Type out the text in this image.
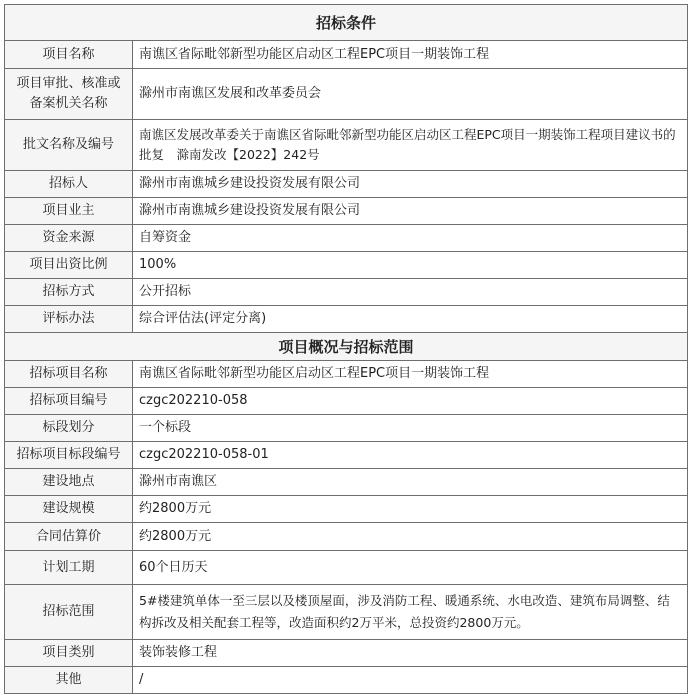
招标条件	
项目名称	南谯区省际毗邻新型功能区启动区工程EPC项目一期装饰工程
项目审批、核准或备案机关名称	滁州市南谯区发展和改革委员会
批文名称及编号	南谯区发展改革委关于南谯区省际毗邻新型功能区启动区工程EPC项目一期装饰工程项目建议书的批复　滁南发改【2022】242号
招标人	滁州市南谯城乡建设投资发展有限公司
项目业主	滁州市南谯城乡建设投资发展有限公司
资金来源	自筹资金
项目出资比例	100%
招标方式	公开招标
评标办法	综合评估法(评定分离)
项目概况与招标范围	
招标项目名称	南谯区省际毗邻新型功能区启动区工程EPC项目一期装饰工程
招标项目编号	czgc202210-058
标段划分	一个标段
招标项目标段编号	czgc202210-058-01
建设地点	滁州市南谯区
建设规模	约2800万元
合同估算价	约2800万元
计划工期	60个日历天
招标范围	5#楼建筑单体一至三层以及楼顶屋面，涉及消防工程、暖通系统、水电改造、建筑布局调整、结构拆改及相关配套工程等，改造面积约2万平米，总投资约2800万元。
项目类别	装饰装修工程
其他	/
